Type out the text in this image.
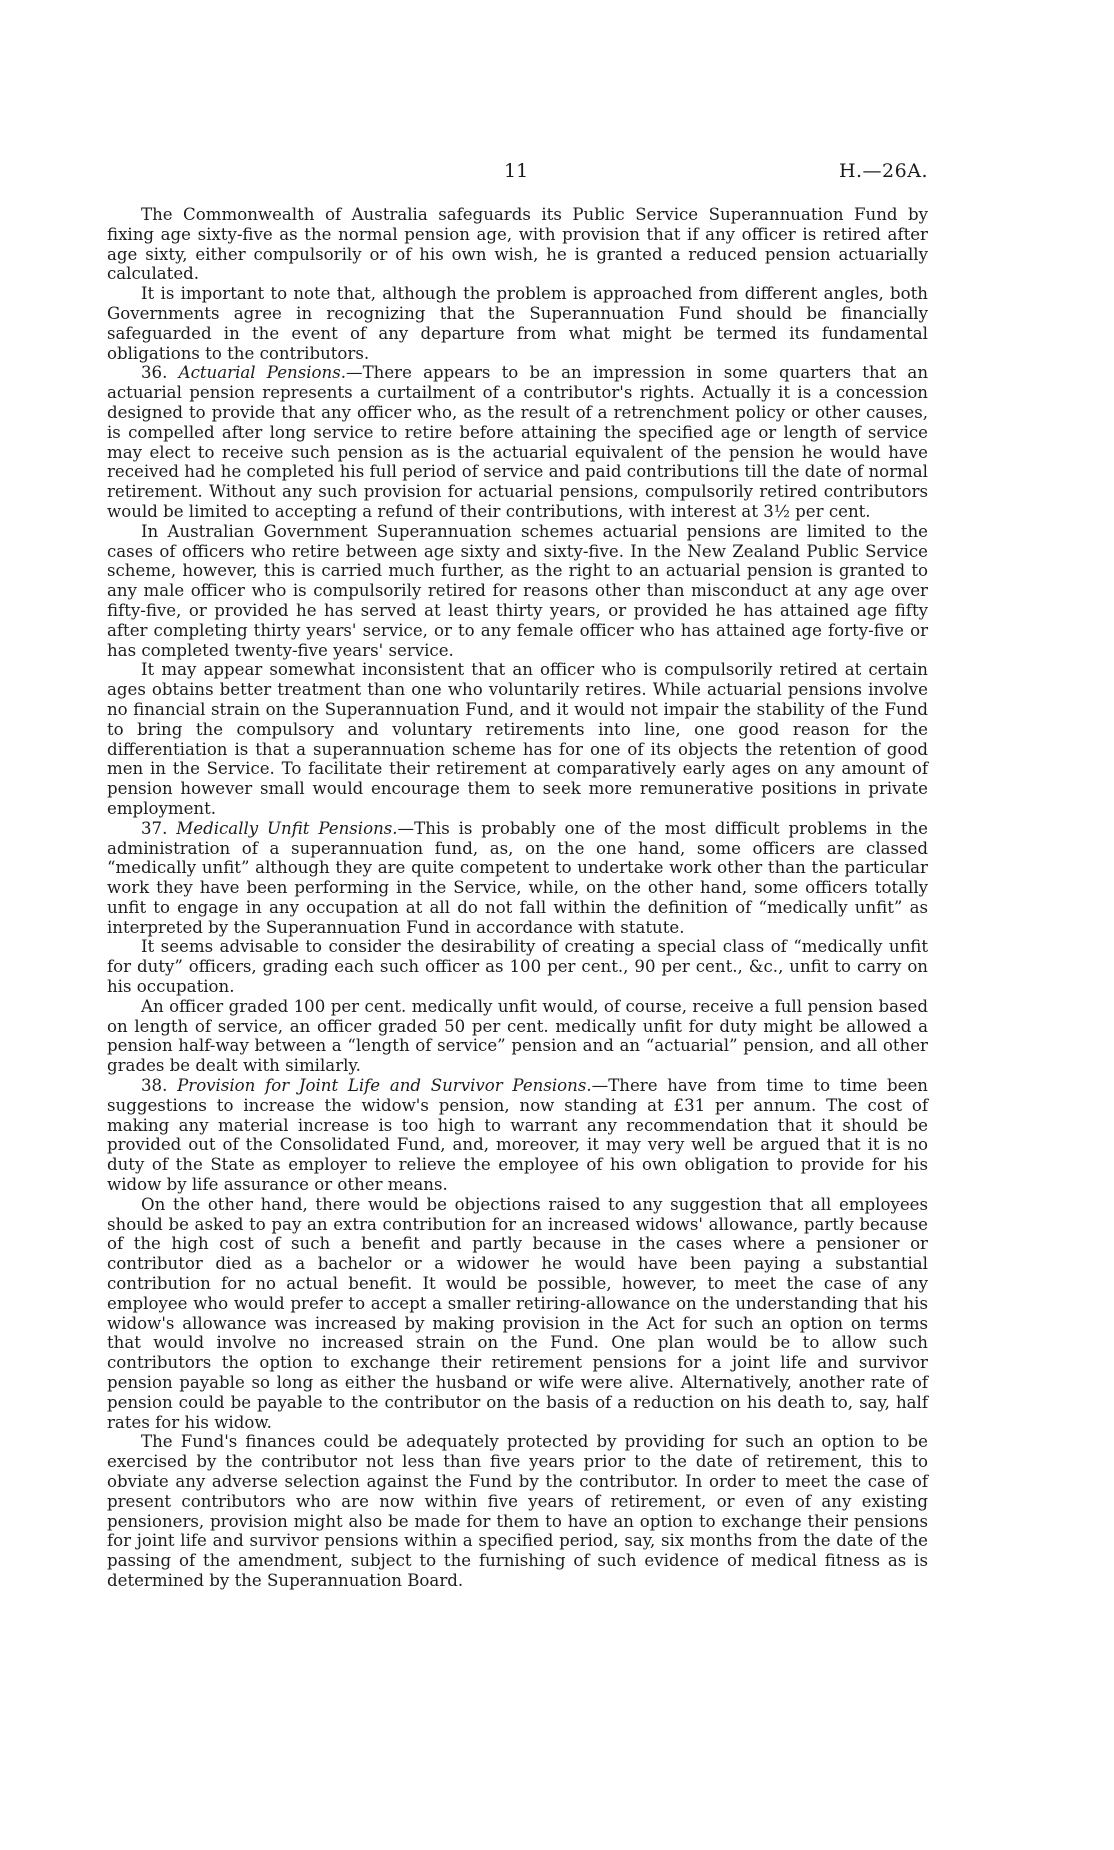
11	H.—26A.

The Commonwealth of Australia safeguards its Public Service Superannuation Fund by fixing age sixty-five as the normal pension age, with provision that if any officer is retired after age sixty, either compulsorily or of his own wish, he is granted a reduced pension actuarially calculated.

It is important to note that, although the problem is approached from different angles, both Governments agree in recognizing that the Superannuation Fund should be financially safeguarded in the event of any departure from what might be termed its fundamental obligations to the contributors.

36. Actuarial Pensions.—There appears to be an impression in some quarters that an actuarial pension represents a curtailment of a contributor's rights. Actually it is a concession designed to provide that any officer who, as the result of a retrenchment policy or other causes, is compelled after long service to retire before attaining the specified age or length of service may elect to receive such pension as is the actuarial equivalent of the pension he would have received had he completed his full period of service and paid contributions till the date of normal retirement. Without any such provision for actuarial pensions, compulsorily retired contributors would be limited to accepting a refund of their contributions, with interest at 3½ per cent.

In Australian Government Superannuation schemes actuarial pensions are limited to the cases of officers who retire between age sixty and sixty-five. In the New Zealand Public Service scheme, however, this is carried much further, as the right to an actuarial pension is granted to any male officer who is compulsorily retired for reasons other than misconduct at any age over fifty-five, or provided he has served at least thirty years, or provided he has attained age fifty after completing thirty years' service, or to any female officer who has attained age forty-five or has completed twenty-five years' service.

It may appear somewhat inconsistent that an officer who is compulsorily retired at certain ages obtains better treatment than one who voluntarily retires. While actuarial pensions involve no financial strain on the Superannuation Fund, and it would not impair the stability of the Fund to bring the compulsory and voluntary retirements into line, one good reason for the differentiation is that a superannuation scheme has for one of its objects the retention of good men in the Service. To facilitate their retirement at comparatively early ages on any amount of pension however small would encourage them to seek more remunerative positions in private employment.

37. Medically Unfit Pensions.—This is probably one of the most difficult problems in the administration of a superannuation fund, as, on the one hand, some officers are classed “medically unfit” although they are quite competent to undertake work other than the particular work they have been performing in the Service, while, on the other hand, some officers totally unfit to engage in any occupation at all do not fall within the definition of “medically unfit” as interpreted by the Superannuation Fund in accordance with statute.

It seems advisable to consider the desirability of creating a special class of “medically unfit for duty” officers, grading each such officer as 100 per cent., 90 per cent., &c., unfit to carry on his occupation.

An officer graded 100 per cent. medically unfit would, of course, receive a full pension based on length of service, an officer graded 50 per cent. medically unfit for duty might be allowed a pension half-way between a “length of service” pension and an “actuarial” pension, and all other grades be dealt with similarly.

38. Provision for Joint Life and Survivor Pensions.—There have from time to time been suggestions to increase the widow's pension, now standing at £31 per annum. The cost of making any material increase is too high to warrant any recommendation that it should be provided out of the Consolidated Fund, and, moreover, it may very well be argued that it is no duty of the State as employer to relieve the employee of his own obligation to provide for his widow by life assurance or other means.

On the other hand, there would be objections raised to any suggestion that all employees should be asked to pay an extra contribution for an increased widows' allowance, partly because of the high cost of such a benefit and partly because in the cases where a pensioner or contributor died as a bachelor or a widower he would have been paying a substantial contribution for no actual benefit. It would be possible, however, to meet the case of any employee who would prefer to accept a smaller retiring-allowance on the understanding that his widow's allowance was increased by making provision in the Act for such an option on terms that would involve no increased strain on the Fund. One plan would be to allow such contributors the option to exchange their retirement pensions for a joint life and survivor pension payable so long as either the husband or wife were alive. Alternatively, another rate of pension could be payable to the contributor on the basis of a reduction on his death to, say, half rates for his widow.

The Fund's finances could be adequately protected by providing for such an option to be exercised by the contributor not less than five years prior to the date of retirement, this to obviate any adverse selection against the Fund by the contributor. In order to meet the case of present contributors who are now within five years of retirement, or even of any existing pensioners, provision might also be made for them to have an option to exchange their pensions for joint life and survivor pensions within a specified period, say, six months from the date of the passing of the amendment, subject to the furnishing of such evidence of medical fitness as is determined by the Superannuation Board.
